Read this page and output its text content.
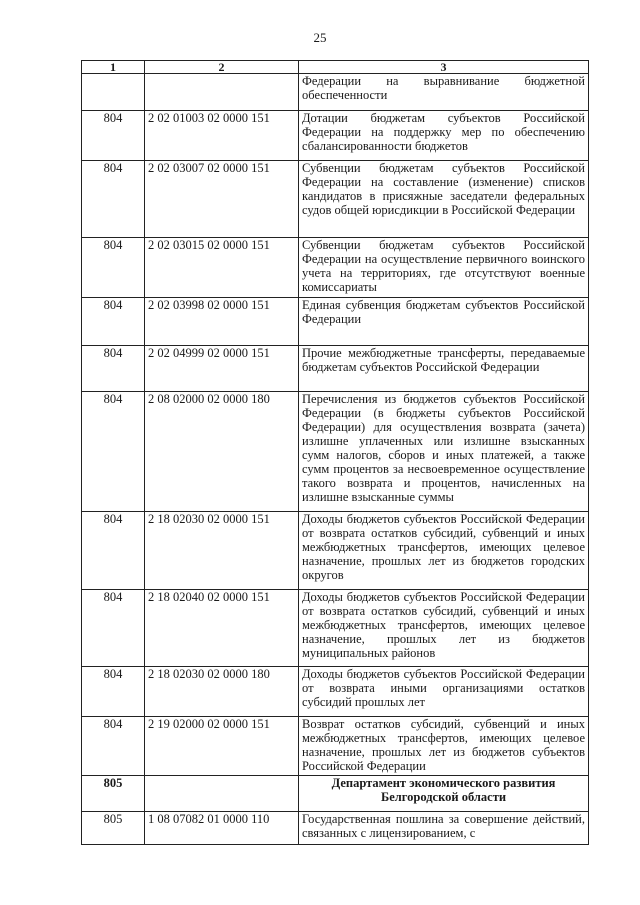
25
1	2	3
		Федерации на выравнивание бюджетной обеспеченности
804	2 02 01003 02 0000 151	Дотации бюджетам субъектов Российской Федерации на поддержку мер по обеспечению сбалансированности бюджетов
804	2 02 03007 02 0000 151	Субвенции бюджетам субъектов Российской Федерации на составление (изменение) списков кандидатов в присяжные заседатели федеральных судов общей юрисдикции в Российской Федерации
804	2 02 03015 02 0000 151	Субвенции бюджетам субъектов Российской Федерации на осуществление первичного воинского учета на территориях, где отсутствуют военные комиссариаты
804	2 02 03998 02 0000 151	Единая субвенция бюджетам субъектов Российской Федерации
804	2 02 04999 02 0000 151	Прочие межбюджетные трансферты, передаваемые бюджетам субъектов Российской Федерации
804	2 08 02000 02 0000 180	Перечисления из бюджетов субъектов Российской Федерации (в бюджеты субъектов Российской Федерации) для осуществления возврата (зачета) излишне уплаченных или излишне взысканных сумм налогов, сборов и иных платежей, а также сумм процентов за несвоевременное осуществление такого возврата и процентов, начисленных на излишне взысканные суммы
804	2 18 02030 02 0000 151	Доходы бюджетов субъектов Российской Федерации от возврата остатков субсидий, субвенций и иных межбюджетных трансфертов, имеющих целевое назначение, прошлых лет из бюджетов городских округов
804	2 18 02040 02 0000 151	Доходы бюджетов субъектов Российской Федерации от возврата остатков субсидий, субвенций и иных межбюджетных трансфертов, имеющих целевое назначение, прошлых лет из бюджетов муниципальных районов
804	2 18 02030 02 0000 180	Доходы бюджетов субъектов Российской Федерации от возврата иными организациями остатков субсидий прошлых лет
804	2 19 02000 02 0000 151	Возврат остатков субсидий, субвенций и иных межбюджетных трансфертов, имеющих целевое назначение, прошлых лет из бюджетов субъектов Российской Федерации
805		Департамент экономического развития Белгородской области
805	1 08 07082 01 0000 110	Государственная пошлина за совершение действий, связанных с лицензированием, с
